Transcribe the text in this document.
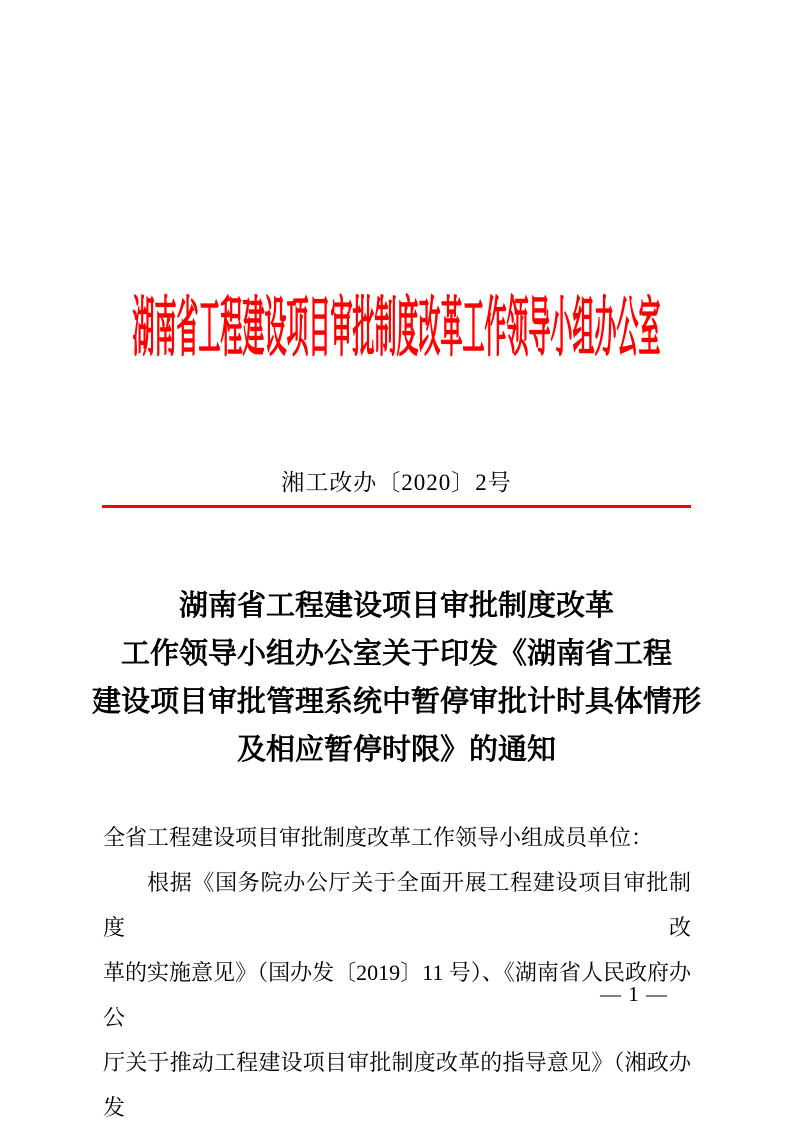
湖南省工程建设项目审批制度改革工作领导小组办公室
湘工改办〔2020〕2号
湖南省工程建设项目审批制度改革
工作领导小组办公室关于印发《湖南省工程
建设项目审批管理系统中暂停审批计时具体情形
及相应暂停时限》的通知
全省工程建设项目审批制度改革工作领导小组成员单位：
根据《国务院办公厅关于全面开展工程建设项目审批制度改
革的实施意见》（国办发〔2019〕11 号）、《湖南省人民政府办公
厅关于推动工程建设项目审批制度改革的指导意见》（湘政办发
— 1 —
